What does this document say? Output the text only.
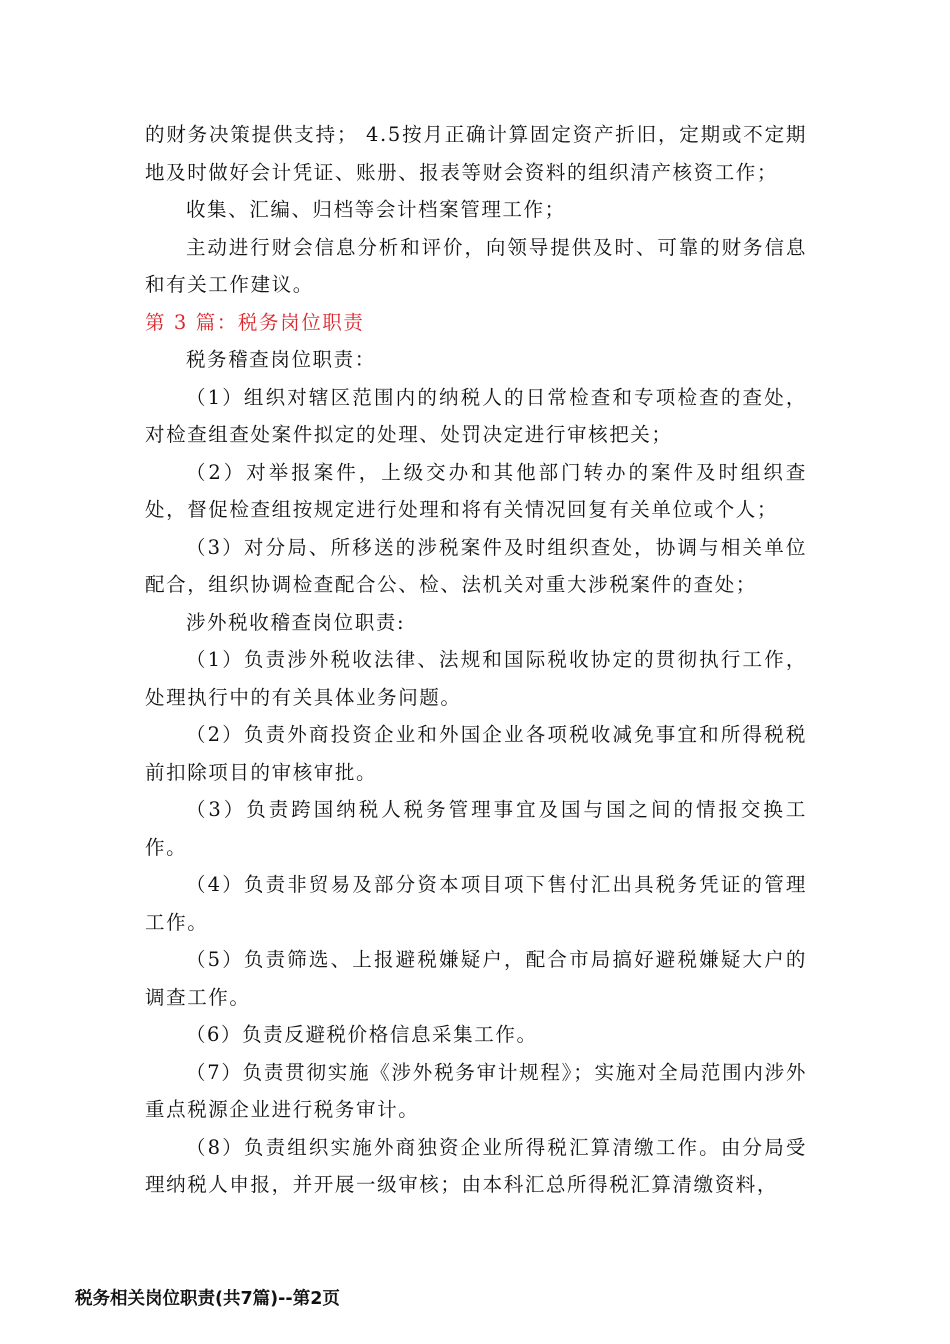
的财务决策提供支持； 4.5按月正确计算固定资产折旧，定期或不定期地及时做好会计凭证、账册、报表等财会资料的组织清产核资工作；

收集、汇编、归档等会计档案管理工作；

主动进行财会信息分析和评价，向领导提供及时、可靠的财务信息和有关工作建议。

第 3 篇：税务岗位职责

税务稽查岗位职责：

（1）组织对辖区范围内的纳税人的日常检查和专项检查的查处，对检查组查处案件拟定的处理、处罚决定进行审核把关；

（2）对举报案件，上级交办和其他部门转办的案件及时组织查处，督促检查组按规定进行处理和将有关情况回复有关单位或个人；

（3）对分局、所移送的涉税案件及时组织查处，协调与相关单位配合，组织协调检查配合公、检、法机关对重大涉税案件的查处；

涉外税收稽查岗位职责:

（1）负责涉外税收法律、法规和国际税收协定的贯彻执行工作，处理执行中的有关具体业务问题。

（2）负责外商投资企业和外国企业各项税收减免事宜和所得税税前扣除项目的审核审批。

（3）负责跨国纳税人税务管理事宜及国与国之间的情报交换工作。

（4）负责非贸易及部分资本项目项下售付汇出具税务凭证的管理工作。

（5）负责筛选、上报避税嫌疑户，配合市局搞好避税嫌疑大户的调查工作。

（6）负责反避税价格信息采集工作。

（7）负责贯彻实施《涉外税务审计规程》；实施对全局范围内涉外重点税源企业进行税务审计。

（8）负责组织实施外商独资企业所得税汇算清缴工作。由分局受理纳税人申报，并开展一级审核；由本科汇总所得税汇算清缴资料，

税务相关岗位职责(共7篇)--第2页
